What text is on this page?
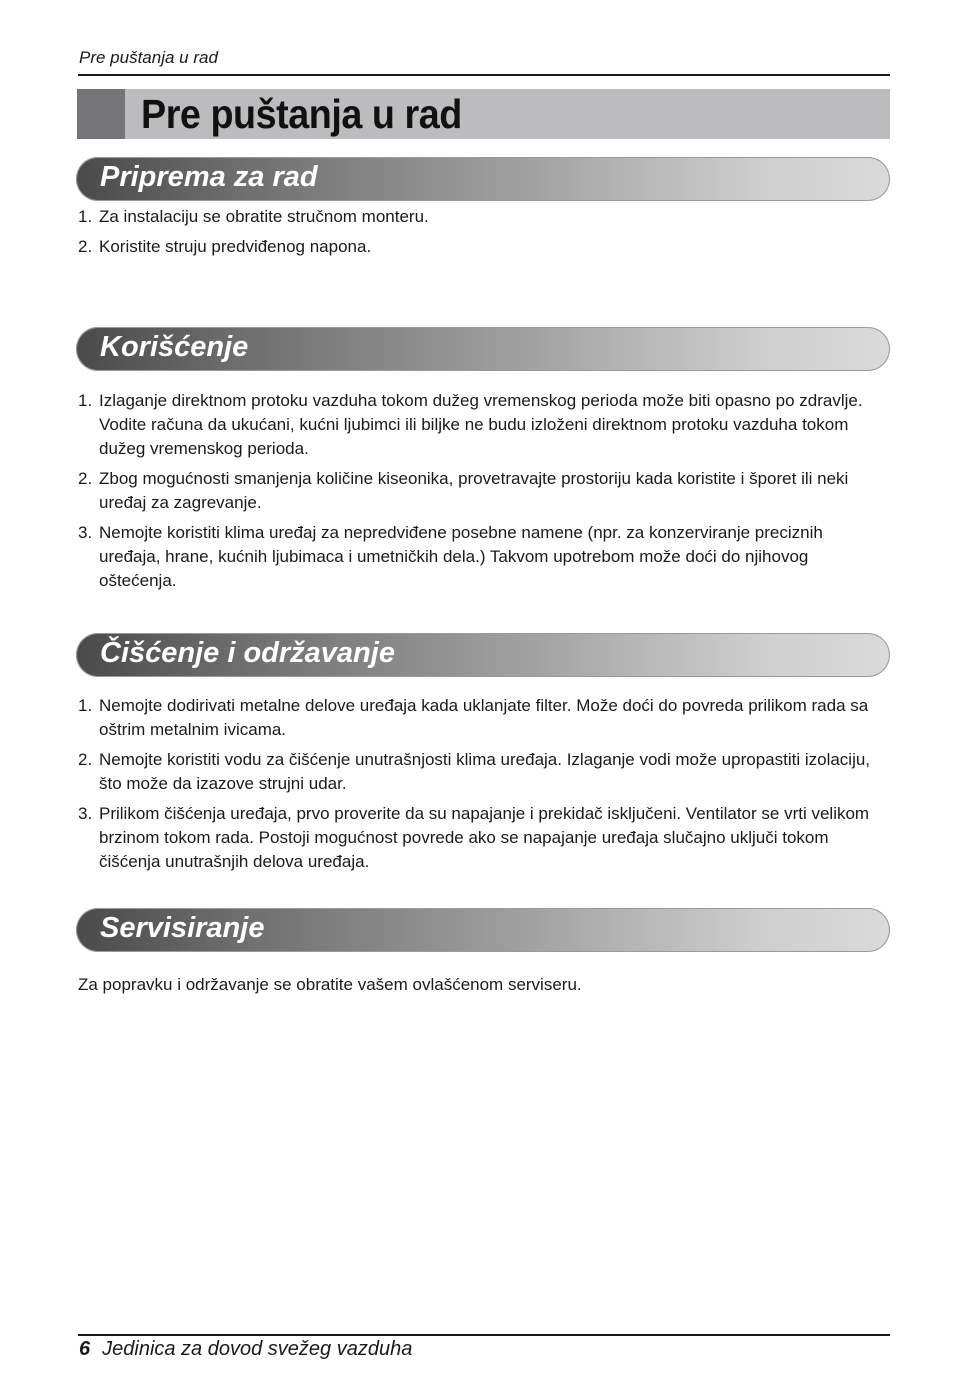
Pre puštanja u rad
Pre puštanja u rad
Priprema za rad
1. Za instalaciju se obratite stručnom monteru.
2. Koristite struju predviđenog napona.
Korišćenje
1. Izlaganje direktnom protoku vazduha tokom dužeg vremenskog perioda može biti opasno po zdravlje. Vodite računa da ukućani, kućni ljubimci ili biljke ne budu izloženi direktnom protoku vazduha tokom dužeg vremenskog perioda.
2. Zbog mogućnosti smanjenja količine kiseonika, provetravajte prostoriju kada koristite i šporet ili neki uređaj za zagrevanje.
3. Nemojte koristiti klima uređaj za nepredviđene posebne namene (npr. za konzerviranje preciznih uređaja, hrane, kućnih ljubimaca i umetničkih dela.) Takvom upotrebom može doći do njihovog oštećenja.
Čišćenje i održavanje
1. Nemojte dodirivati metalne delove uređaja kada uklanjate filter. Može doći do povreda prilikom rada sa oštrim metalnim ivicama.
2. Nemojte koristiti vodu za čišćenje unutrašnjosti klima uređaja. Izlaganje vodi može upropastiti izolaciju, što može da izazove strujni udar.
3. Prilikom čišćenja uređaja, prvo proverite da su napajanje i prekidač isključeni. Ventilator se vrti velikom brzinom tokom rada. Postoji mogućnost povrede ako se napajanje uređaja slučajno uključi tokom čišćenja unutrašnjih delova uređaja.
Servisiranje
Za popravku i održavanje se obratite vašem ovlašćenom serviseru.
6 Jedinica za dovod svežeg vazduha
